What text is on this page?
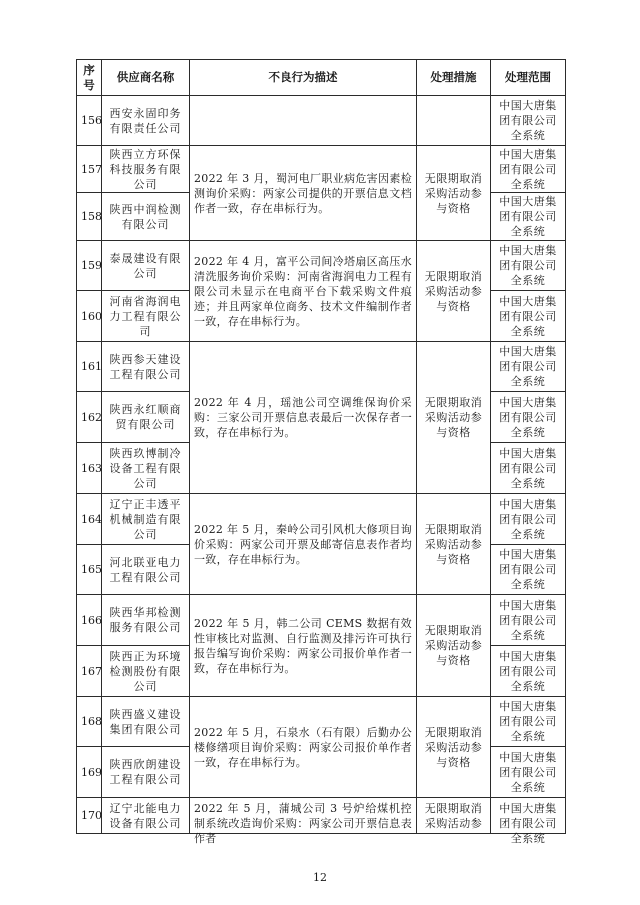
序号	供应商名称	不良行为描述	处理措施	处理范围
156	西安永固印务有限责任公司			中国大唐集团有限公司全系统
157	陕西立方环保科技服务有限公司	2022 年 3 月，蜀河电厂职业病危害因素检测询价采购：两家公司提供的开票信息文档作者一致，存在串标行为。	无限期取消采购活动参与资格	中国大唐集团有限公司全系统
158	陕西中润检测有限公司			中国大唐集团有限公司全系统
159	泰晟建设有限公司	2022 年 4 月，富平公司间冷塔扇区高压水清洗服务询价采购：河南省海润电力工程有限公司未显示在电商平台下载采购文件痕迹；并且两家单位商务、技术文件编制作者一致，存在串标行为。	无限期取消采购活动参与资格	中国大唐集团有限公司全系统
160	河南省海润电力工程有限公司			中国大唐集团有限公司全系统
161	陕西参天建设工程有限公司	2022 年 4 月，瑶池公司空调维保询价采购：三家公司开票信息表最后一次保存者一致，存在串标行为。	无限期取消采购活动参与资格	中国大唐集团有限公司全系统
162	陕西永红顺商贸有限公司			中国大唐集团有限公司全系统
163	陕西玖博制冷设备工程有限公司			中国大唐集团有限公司全系统
164	辽宁正丰透平机械制造有限公司	2022 年 5 月，秦岭公司引风机大修项目询价采购：两家公司开票及邮寄信息表作者均一致，存在串标行为。	无限期取消采购活动参与资格	中国大唐集团有限公司全系统
165	河北联亚电力工程有限公司			中国大唐集团有限公司全系统
166	陕西华邦检测服务有限公司	2022 年 5 月，韩二公司 CEMS 数据有效性审核比对监测、自行监测及排污许可执行报告编写询价采购：两家公司报价单作者一致，存在串标行为。	无限期取消采购活动参与资格	中国大唐集团有限公司全系统
167	陕西正为环境检测股份有限公司			中国大唐集团有限公司全系统
168	陕西盛义建设集团有限公司	2022 年 5 月，石泉水（石有限）后勤办公楼修缮项目询价采购：两家公司报价单作者一致，存在串标行为。	无限期取消采购活动参与资格	中国大唐集团有限公司全系统
169	陕西欣朗建设工程有限公司			中国大唐集团有限公司全系统
170	辽宁北能电力设备有限公司	2022 年 5 月，蒲城公司 3 号炉给煤机控制系统改造询价采购：两家公司开票信息表作者	无限期取消采购活动参	中国大唐集团有限公司全系统
12
